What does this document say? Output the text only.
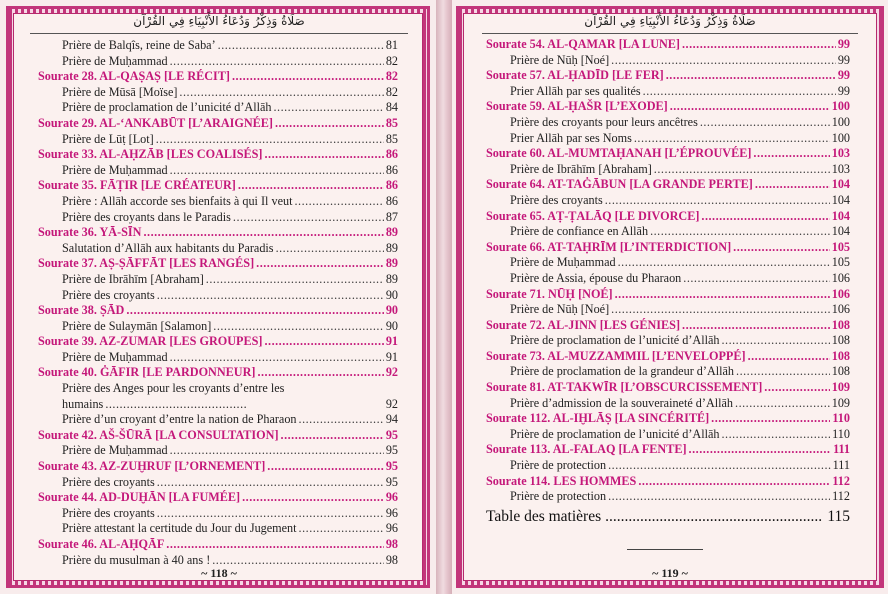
صَلَاةُ وَذِكْرُ وَدُعَاءُ الأَنْبِيَاءِ فِي القُرْآن
Prière de Balqîs, reine de Saba’ .....	81
Prière de Muḥammad .....	82
Sourate 28. AL-QAṢAṢ [LE RÉCIT] .....	82
Prière de Mūsā [Moïse] .....	82
Prière de proclamation de l’unicité d’Allāh .....	84
Sourate 29. AL-‘ANKABŪT [L’ARAIGNÉE] .....	85
Prière de Lūṭ [Lot] .....	85
Sourate 33. AL-AḤZĀB [LES COALISÉS] .....	86
Prière de Muḥammad .....	86
Sourate 35. FĀṬIR [LE CRÉATEUR] .....	86
Prière : Allāh accorde ses bienfaits à qui Il veut .....	86
Prière des croyants dans le Paradis .....	87
Sourate 36. YĀ-SĪN .....	89
Salutation d’Allāh aux habitants du Paradis .....	89
Sourate 37. AṢ-ṢĀFFĀT [LES RANGÉS] .....	89
Prière de Ibrāhīm [Abraham] .....	89
Prière des croyants .....	90
Sourate 38. ṢĀD .....	90
Prière de Sulaymān [Salamon] .....	90
Sourate 39. AZ-ZUMAR [LES GROUPES] .....	91
Prière de Muḥammad .....	91
Sourate 40. ĠĀFIR [LE PARDONNEUR] .....	92
Prière des Anges pour les croyants d’entre les
humains .....	92
Prière d’un croyant d’entre la nation de Pharaon .....	94
Sourate 42. AŠ-ŠŪRĀ [LA CONSULTATION] .....	95
Prière de Muḥammad .....	95
Sourate 43. AZ-ZUḪRUF [L’ORNEMENT] .....	95
Prière des croyants .....	95
Sourate 44. AD-DUḪĀN [LA FUMÉE] .....	96
Prière des croyants .....	96
Prière attestant la certitude du Jour du Jugement .....	96
Sourate 46. AL-AḤQĀF .....	98
Prière du musulman à 40 ans ! .....	98
~ 118 ~
صَلَاةُ وَذِكْرُ وَدُعَاءُ الأَنْبِيَاءِ فِي القُرْآن
Sourate 54. AL-QAMAR [LA LUNE] .....	99
Prière de Nūḥ [Noé] .....	99
Sourate 57. AL-ḤADĪD [LE FER] .....	99
Prier Allāh par ses qualités .....	99
Sourate 59. AL-ḤAŠR [L’EXODE] .....	100
Prière des croyants pour leurs ancêtres .....	100
Prier Allāh par ses Noms .....	100
Sourate 60. AL-MUMTAḤANAH [L’ÉPROUVÉE] .....	103
Prière de Ibrāhīm [Abraham] .....	103
Sourate 64. AT-TAĠĀBUN [LA GRANDE PERTE] .....	104
Prière des croyants .....	104
Sourate 65. AṬ-ṬALĀQ [LE DIVORCE] .....	104
Prière de confiance en Allāh .....	104
Sourate 66. AT-TAḤRĪM [L’INTERDICTION] .....	105
Prière de Muḥammad .....	105
Prière de Assia, épouse du Pharaon .....	106
Sourate 71. NŪḤ [NOÉ] .....	106
Prière de Nūḥ [Noé] .....	106
Sourate 72. AL-JINN [LES GÉNIES] .....	108
Prière de proclamation de l’unicité d’Allāh .....	108
Sourate 73. AL-MUZZAMMIL [L’ENVELOPPÉ] .....	108
Prière de proclamation de la grandeur d’Allāh .....	108
Sourate 81. AT-TAKWĪR [L’OBSCURCISSEMENT] .....	109
Prière d’admission de la souveraineté d’Allāh .....	109
Sourate 112. AL-IḪLĀṢ [LA SINCÉRITÉ] .....	110
Prière de proclamation de l’unicité d’Allāh .....	110
Sourate 113. AL-FALAQ [LA FENTE] .....	111
Prière de protection .....	111
Sourate 114. LES HOMMES .....	112
Prière de protection .....	112
Table des matières .....	115
~ 119 ~
